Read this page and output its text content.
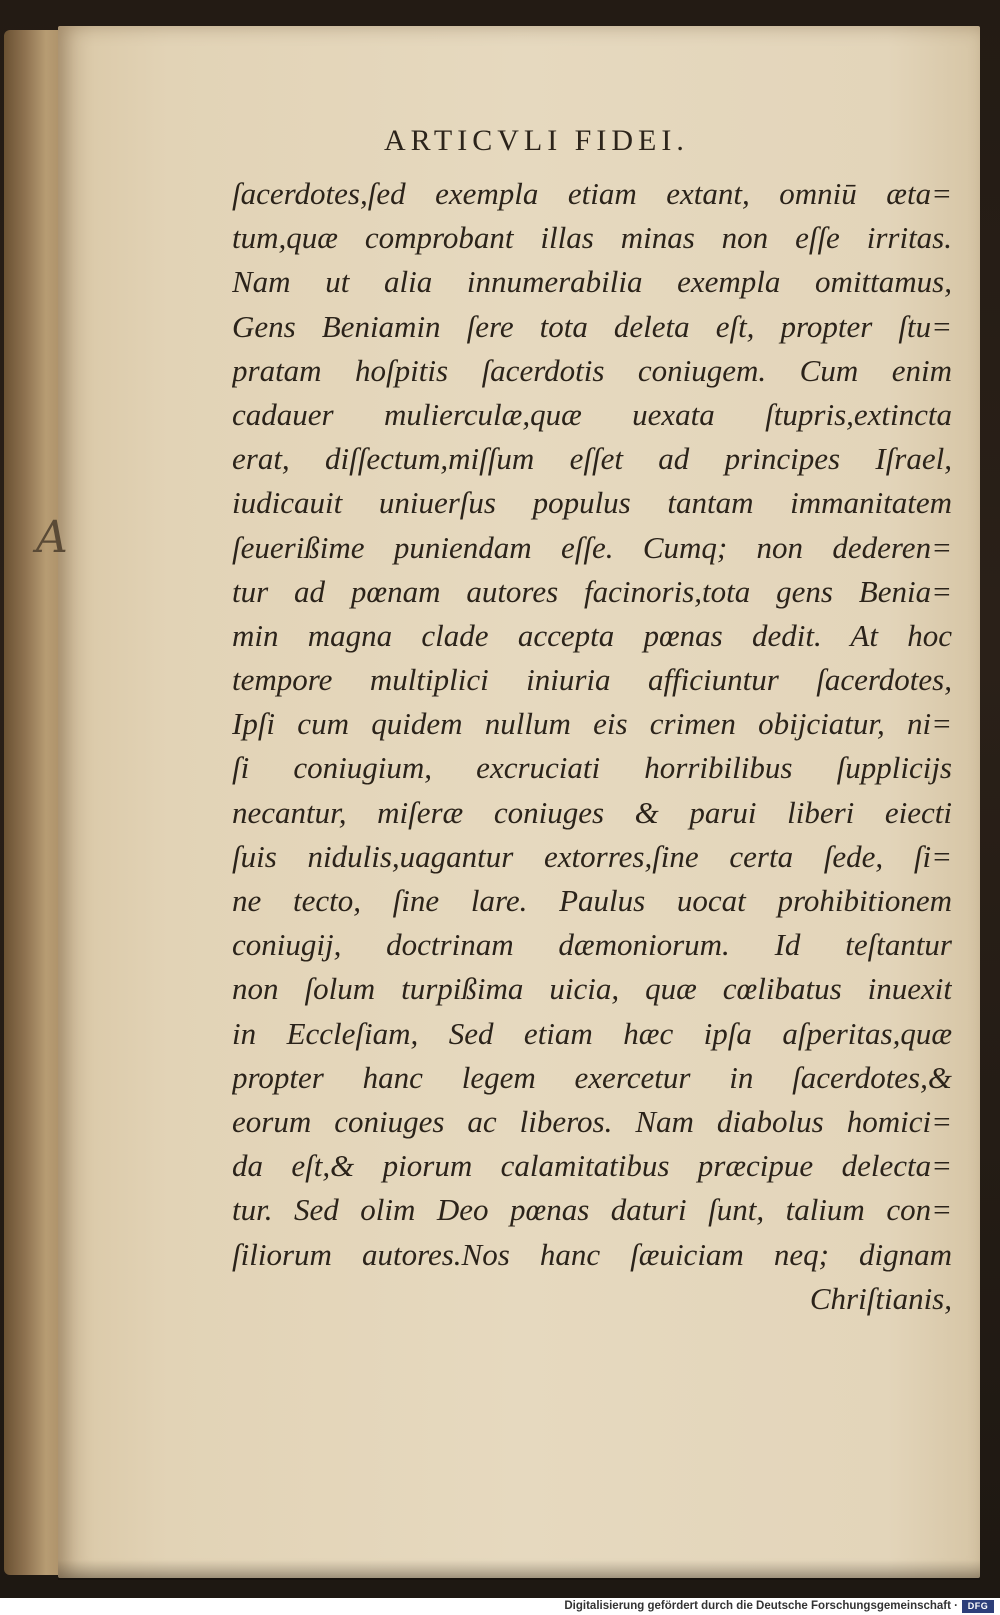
A
ARTICVLI FIDEI.
ſacerdotes,ſed exempla etiam extant, omniū æta=
tum,quæ comprobant illas minas non eſſe irritas.
Nam ut alia innumerabilia exempla omittamus,
Gens Beniamin ſere tota deleta eſt, propter ſtu=
pratam hoſpitis ſacerdotis coniugem. Cum enim
cadauer mulierculæ,quæ uexata ſtupris,extincta
erat, diſſectum,miſſum eſſet ad principes Iſrael,
iudicauit uniuerſus populus tantam immanitatem
ſeuerißime puniendam eſſe. Cumq; non dederen=
tur ad pœnam autores facinoris,tota gens Benia=
min magna clade accepta pœnas dedit. At hoc
tempore multiplici iniuria afficiuntur ſacerdotes,
Ipſi cum quidem nullum eis crimen obijciatur, ni=
ſi coniugium, excruciati horribilibus ſupplicijs
necantur, miſeræ coniuges & parui liberi eiecti
ſuis nidulis,uagantur extorres,ſine certa ſede, ſi=
ne tecto, ſine lare. Paulus uocat prohibitionem
coniugij, doctrinam dæmoniorum. Id teſtantur
non ſolum turpißima uicia, quæ cœlibatus inuexit
in Eccleſiam, Sed etiam hæc ipſa aſperitas,quæ
propter hanc legem exercetur in ſacerdotes,&
eorum coniuges ac liberos. Nam diabolus homici=
da eſt,& piorum calamitatibus præcipue delecta=
tur. Sed olim Deo pœnas daturi ſunt, talium con=
ſiliorum autores.Nos hanc ſæuiciam neq; dignam
Chriſtianis,
Digitalisierung gefördert durch die Deutsche Forschungsgemeinschaft ·	DFG
